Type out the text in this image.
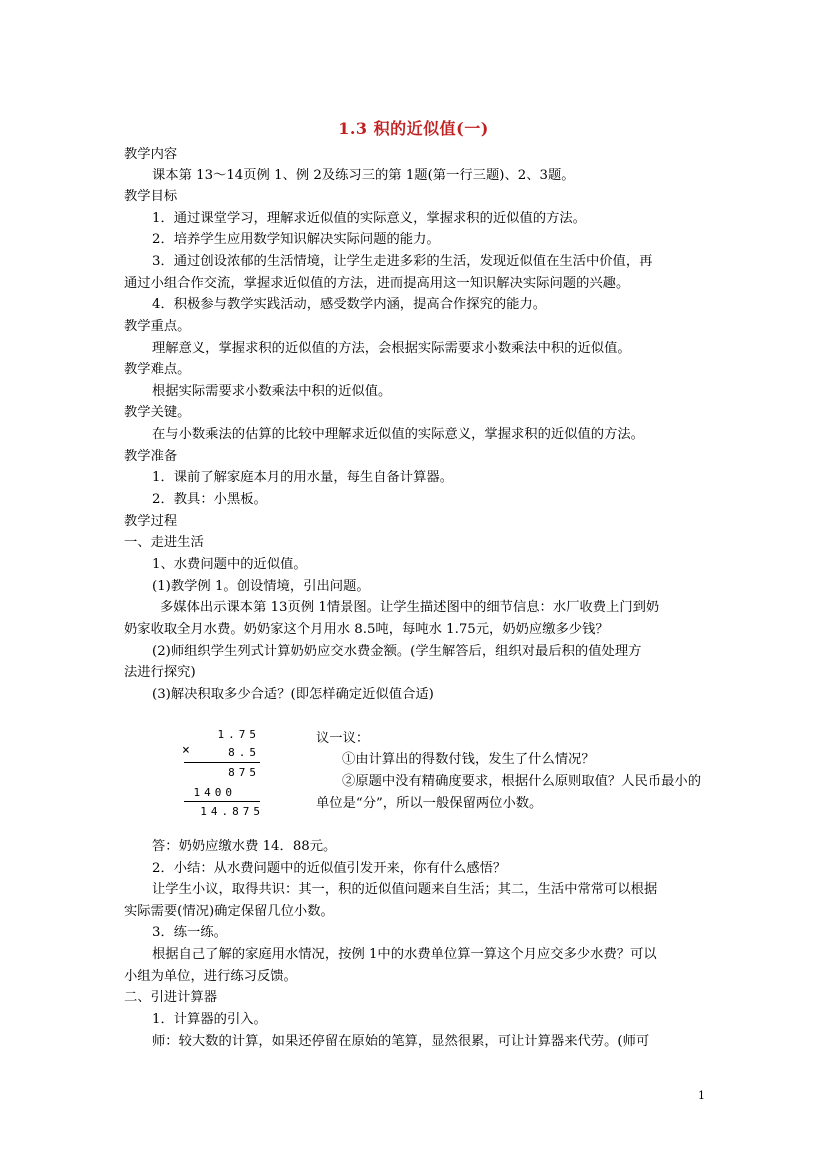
1.3 积的近似值(一)
教学内容
课本第 13～14页例 1、例 2及练习三的第 1题(第一行三题)、2、3题。
教学目标
1．通过课堂学习，理解求近似值的实际意义，掌握求积的近似值的方法。
2．培养学生应用数学知识解决实际问题的能力。
3．通过创设浓郁的生活情境，让学生走进多彩的生活，发现近似值在生活中价值，再
通过小组合作交流，掌握求近似值的方法，进而提高用这一知识解决实际问题的兴趣。
4．积极参与教学实践活动，感受数学内涵，提高合作探究的能力。
教学重点。
理解意义，掌握求积的近似值的方法，会根据实际需要求小数乘法中积的近似值。
教学难点。
根据实际需要求小数乘法中积的近似值。
教学关键。
在与小数乘法的估算的比较中理解求近似值的实际意义，掌握求积的近似值的方法。
教学准备
1．课前了解家庭本月的用水量，每生自备计算器。
2．教具：小黑板。
教学过程
一、走进生活
1、水费问题中的近似值。
(1)教学例 1。创设情境，引出问题。
多媒体出示课本第 13页例 1情景图。让学生描述图中的细节信息：水厂收费上门到奶
奶家收取全月水费。奶奶家这个月用水 8.5吨，每吨水 1.75元，奶奶应缴多少钱？
(2)师组织学生列式计算奶奶应交水费金额。(学生解答后，组织对最后积的值处理方
法进行探究)
(3)解决积取多少合适？(即怎样确定近似值合适)
1.75
×	8.5
875
1400
14.875
议一议：
①由计算出的得数付钱，发生了什么情况？
②原题中没有精确度要求，根据什么原则取值？人民币最小的
单位是“分”，所以一般保留两位小数。
答：奶奶应缴水费 14．88元。
2．小结：从水费问题中的近似值引发开来，你有什么感悟？
让学生小议，取得共识：其一，积的近似值问题来自生活；其二，生活中常常可以根据
实际需要(情况)确定保留几位小数。
3．练一练。
根据自己了解的家庭用水情况，按例 1中的水费单位算一算这个月应交多少水费？可以
小组为单位，进行练习反馈。
二、引进计算器
1．计算器的引入。
师：较大数的计算，如果还停留在原始的笔算，显然很累，可让计算器来代劳。(师可
1
